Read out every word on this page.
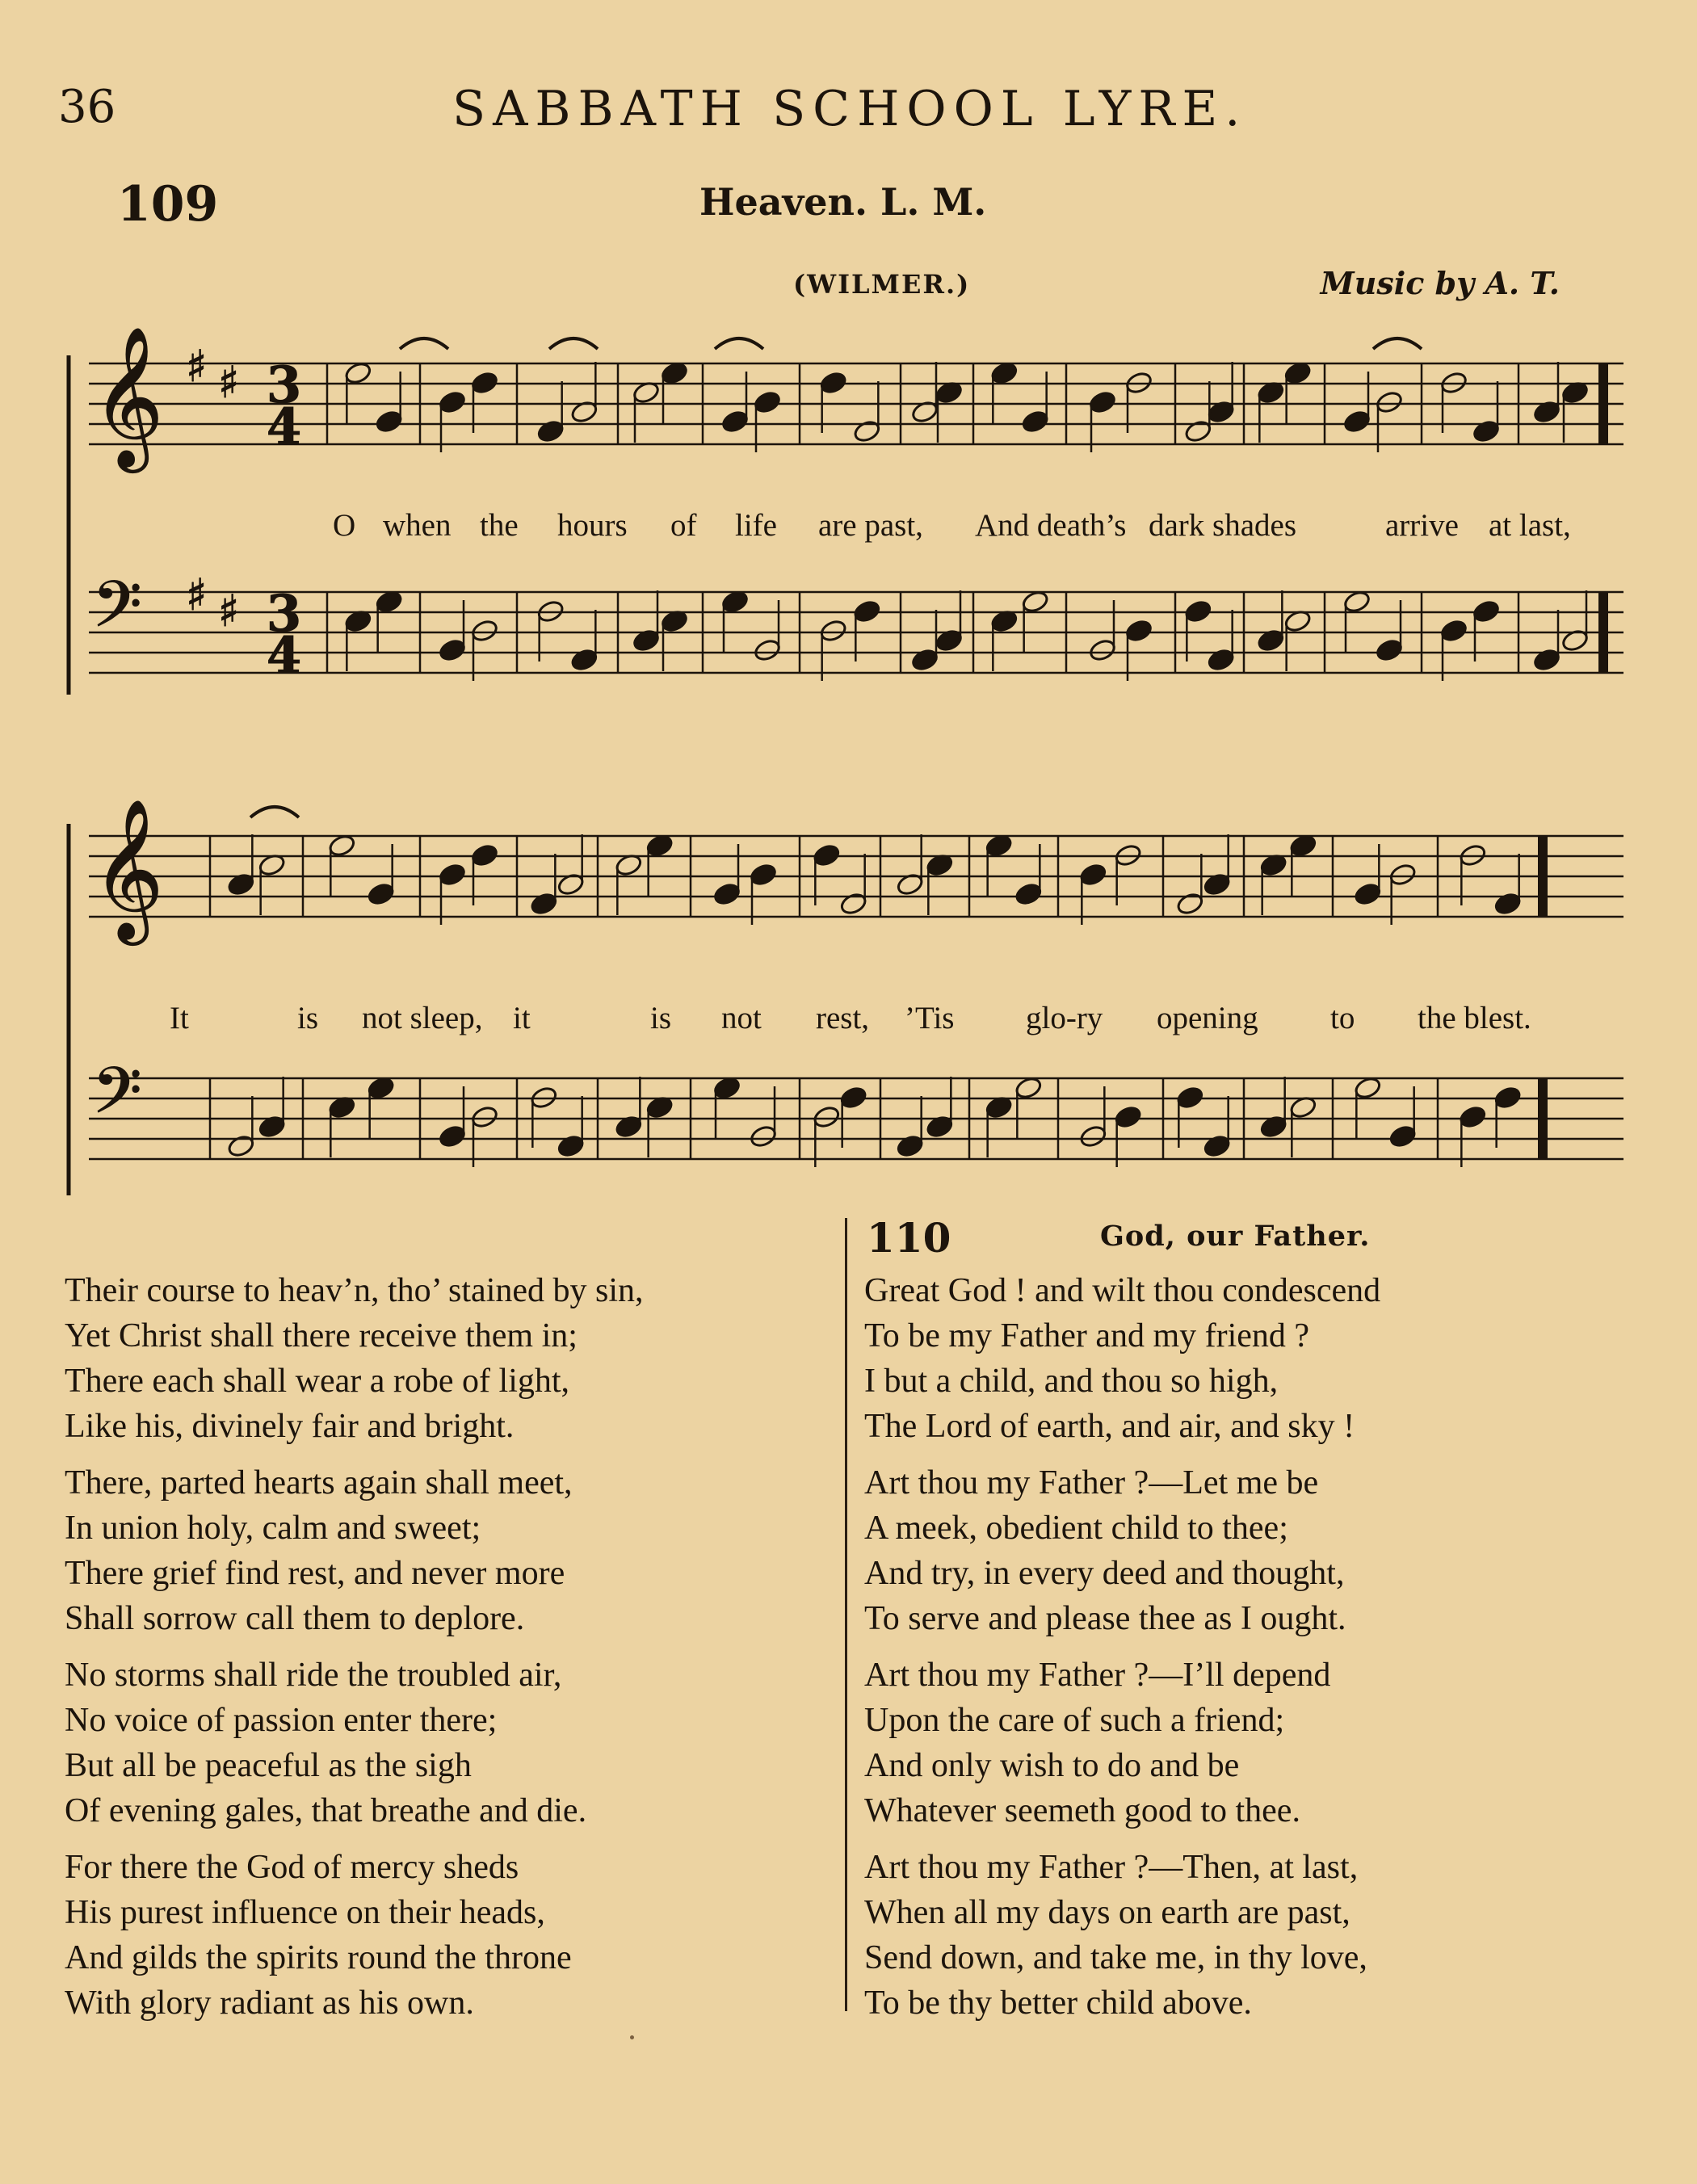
36	SABBATH SCHOOL LYRE.
109	Heaven. L. M.
(WILMER.)	Music by A. T.
𝄞 ♯ ♯ 3
4
𝄢 ♯ ♯ 3
4
𝄞
𝄢
O when the hours of life are past, And death’s dark shades	arrive at last,
It	is not sleep, it	is not rest, ’Tis glo-ry opening to the blest.
110	God, our Father.
Their course to heav’n, tho’ stained by sin,
Yet Christ shall there receive them in;
There each shall wear a robe of light,
Like his, divinely fair and bright.
There, parted hearts again shall meet,
In union holy, calm and sweet;
There grief find rest, and never more
Shall sorrow call them to deplore.
No storms shall ride the troubled air,
No voice of passion enter there;
But all be peaceful as the sigh
Of evening gales, that breathe and die.
For there the God of mercy sheds
His purest influence on their heads,
And gilds the spirits round the throne
With glory radiant as his own.
Great God ! and wilt thou condescend
To be my Father and my friend ?
I but a child, and thou so high,
The Lord of earth, and air, and sky !
Art thou my Father ?—Let me be
A meek, obedient child to thee;
And try, in every deed and thought,
To serve and please thee as I ought.
Art thou my Father ?—I’ll depend
Upon the care of such a friend;
And only wish to do and be
Whatever seemeth good to thee.
Art thou my Father ?—Then, at last,
When all my days on earth are past,
Send down, and take me, in thy love,
To be thy better child above.
